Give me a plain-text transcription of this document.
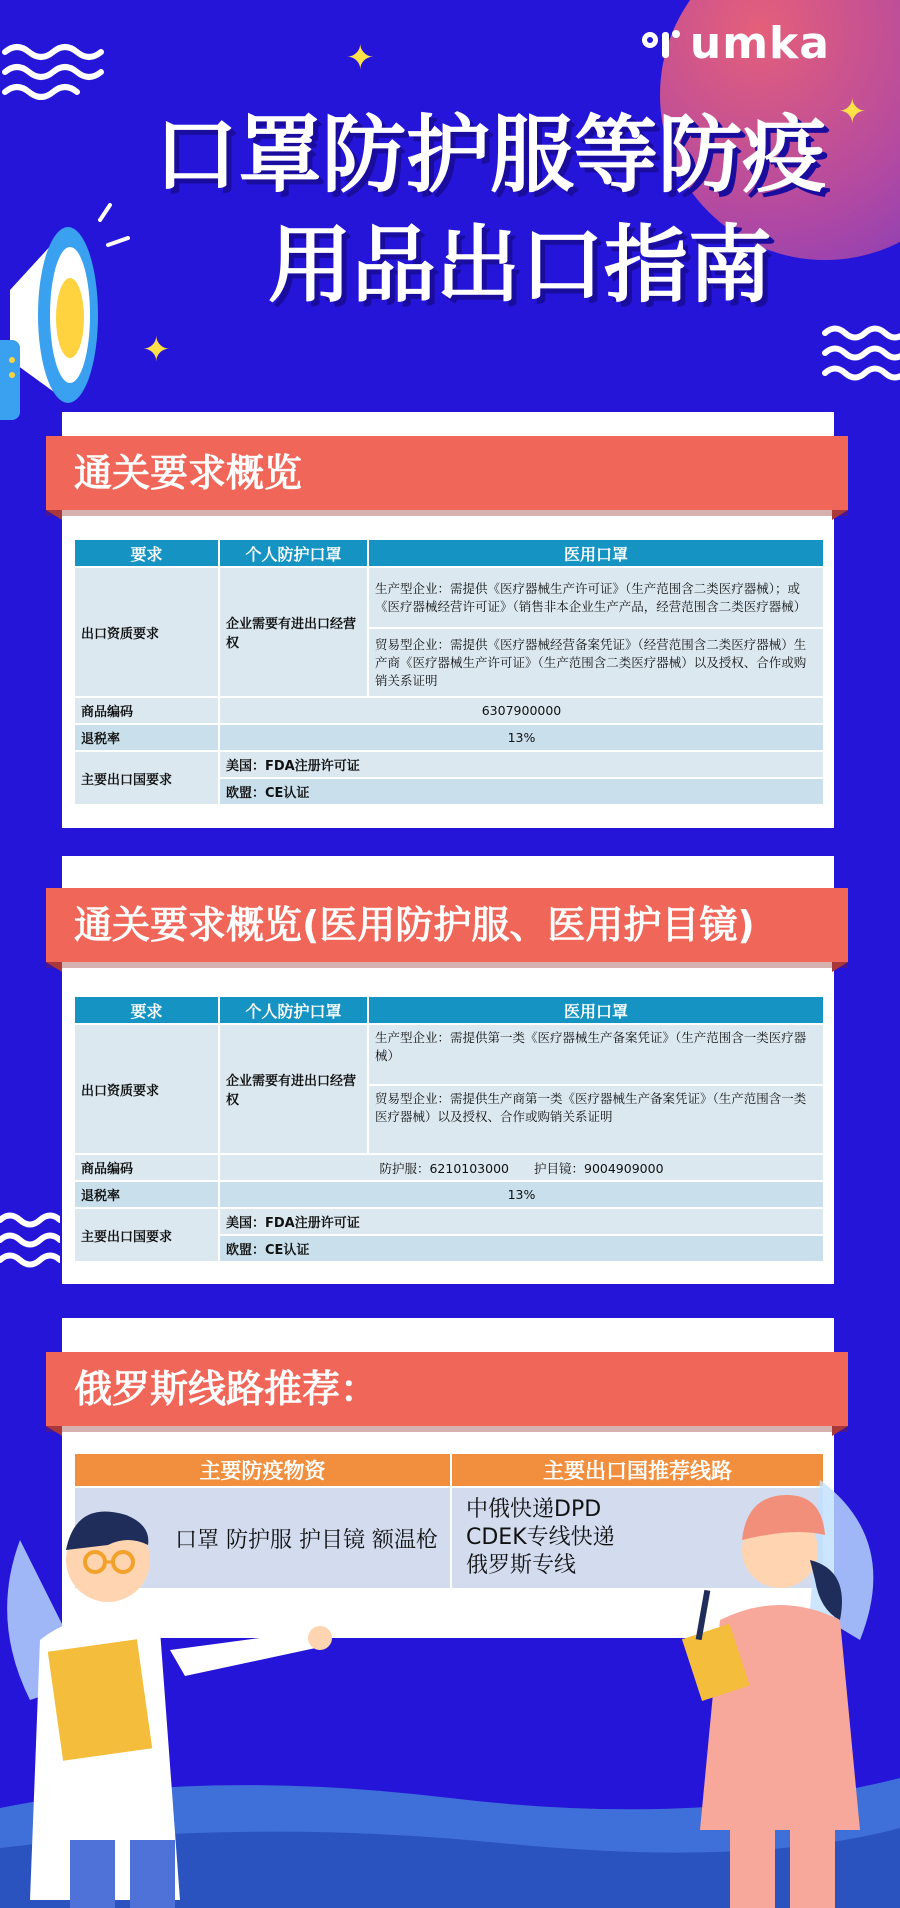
umka
✦
✦
✦
口罩防护服等防疫
用品出口指南
通关要求概览
要求	个人防护口罩	医用口罩
出口资质要求	企业需要有进出口经营权	生产型企业：需提供《医疗器械生产许可证》（生产范围含二类医疗器械）；或《医疗器械经营许可证》（销售非本企业生产产品，经营范围含二类医疗器械）
		贸易型企业：需提供《医疗器械经营备案凭证》（经营范围含二类医疗器械）生产商《医疗器械生产许可证》（生产范围含二类医疗器械）以及授权、合作或购销关系证明
商品编码	6307900000	
退税率	13%	
主要出口国要求	美国：FDA注册许可证	
	欧盟：CE认证	
通关要求概览(医用防护服、医用护目镜)
要求	个人防护口罩	医用口罩
出口资质要求	企业需要有进出口经营权	生产型企业：需提供第一类《医疗器械生产备案凭证》（生产范围含一类医疗器械）
		贸易型企业：需提供生产商第一类《医疗器械生产备案凭证》（生产范围含一类医疗器械）以及授权、合作或购销关系证明
商品编码	防护服：6210103000　　护目镜：9004909000	
退税率	13%	
主要出口国要求	美国：FDA注册许可证	
	欧盟：CE认证	
俄罗斯线路推荐：
主要防疫物资	主要出口国推荐线路
口罩 防护服 护目镜 额温枪	中俄快递DPD
CDEK专线快递
俄罗斯专线
